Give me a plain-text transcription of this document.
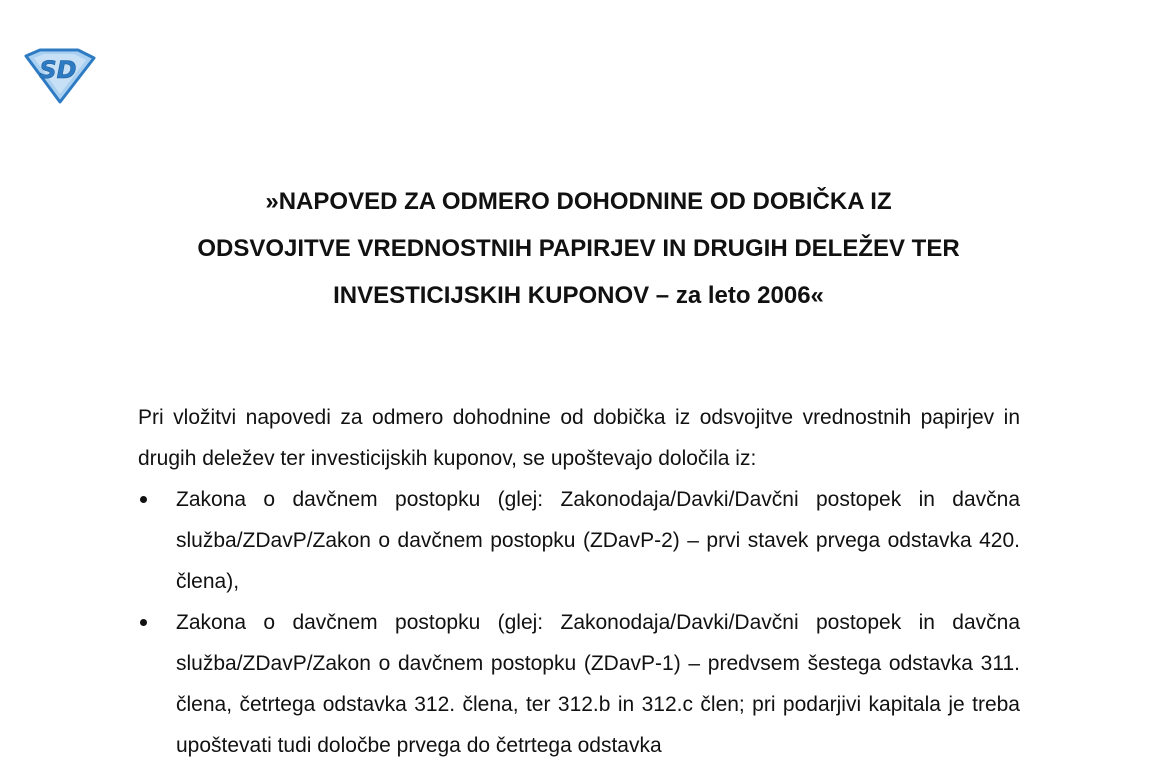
SD
»NAPOVED ZA ODMERO DOHODNINE OD DOBIČKA IZ
ODSVOJITVE VREDNOSTNIH PAPIRJEV IN DRUGIH DELEŽEV TER
INVESTICIJSKIH KUPONOV – za leto 2006«

Pri vložitvi napovedi za odmero dohodnine od dobička iz odsvojitve vrednostnih papirjev in drugih deležev ter investicijskih kuponov, se upoštevajo določila iz:

Zakona o davčnem postopku (glej: Zakonodaja/Davki/Davčni postopek in davčna služba/ZDavP/Zakon o davčnem postopku (ZDavP-2) – prvi stavek prvega odstavka 420. člena),
Zakona o davčnem postopku (glej: Zakonodaja/Davki/Davčni postopek in davčna služba/ZDavP/Zakon o davčnem postopku (ZDavP-1) – predvsem šestega odstavka 311. člena, četrtega odstavka 312. člena, ter 312.b in 312.c člen; pri podarjivi kapitala je treba upoštevati tudi določbe prvega do četrtega odstavka
